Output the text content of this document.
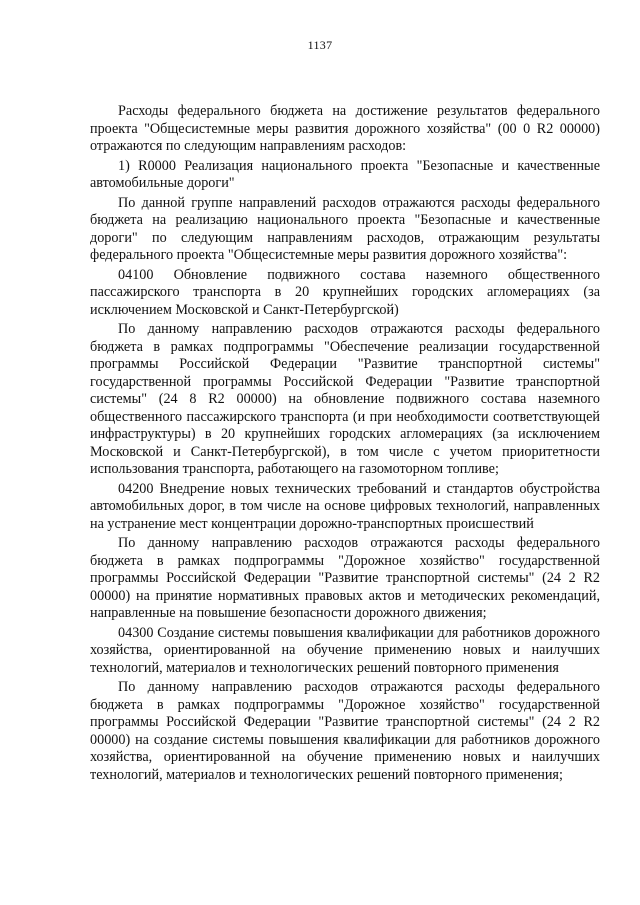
1137

Расходы федерального бюджета на достижение результатов федерального проекта "Общесистемные меры развития дорожного хозяйства" (00 0 R2 00000) отражаются по следующим направлениям расходов:

1) R0000 Реализация национального проекта "Безопасные и качественные автомобильные дороги"

По данной группе направлений расходов отражаются расходы федерального бюджета на реализацию национального проекта "Безопасные и качественные дороги" по следующим направлениям расходов, отражающим результаты федерального проекта "Общесистемные меры развития дорожного хозяйства":

04100 Обновление подвижного состава наземного общественного пассажирского транспорта в 20 крупнейших городских агломерациях (за исключением Московской и Санкт-Петербургской)

По данному направлению расходов отражаются расходы федерального бюджета в рамках подпрограммы "Обеспечение реализации государственной программы Российской Федерации "Развитие транспортной системы" государственной программы Российской Федерации "Развитие транспортной системы" (24 8 R2 00000) на обновление подвижного состава наземного общественного пассажирского транспорта (и при необходимости соответствующей инфраструктуры) в 20 крупнейших городских агломерациях (за исключением Московской и Санкт-Петербургской), в том числе с учетом приоритетности использования транспорта, работающего на газомоторном топливе;

04200 Внедрение новых технических требований и стандартов обустройства автомобильных дорог, в том числе на основе цифровых технологий, направленных на устранение мест концентрации дорожно-транспортных происшествий

По данному направлению расходов отражаются расходы федерального бюджета в рамках подпрограммы "Дорожное хозяйство" государственной программы Российской Федерации "Развитие транспортной системы" (24 2 R2 00000) на принятие нормативных правовых актов и методических рекомендаций, направленные на повышение безопасности дорожного движения;

04300 Создание системы повышения квалификации для работников дорожного хозяйства, ориентированной на обучение применению новых и наилучших технологий, материалов и технологических решений повторного применения

По данному направлению расходов отражаются расходы федерального бюджета в рамках подпрограммы "Дорожное хозяйство" государственной программы Российской Федерации "Развитие транспортной системы" (24 2 R2 00000) на создание системы повышения квалификации для работников дорожного хозяйства, ориентированной на обучение применению новых и наилучших технологий, материалов и технологических решений повторного применения;
